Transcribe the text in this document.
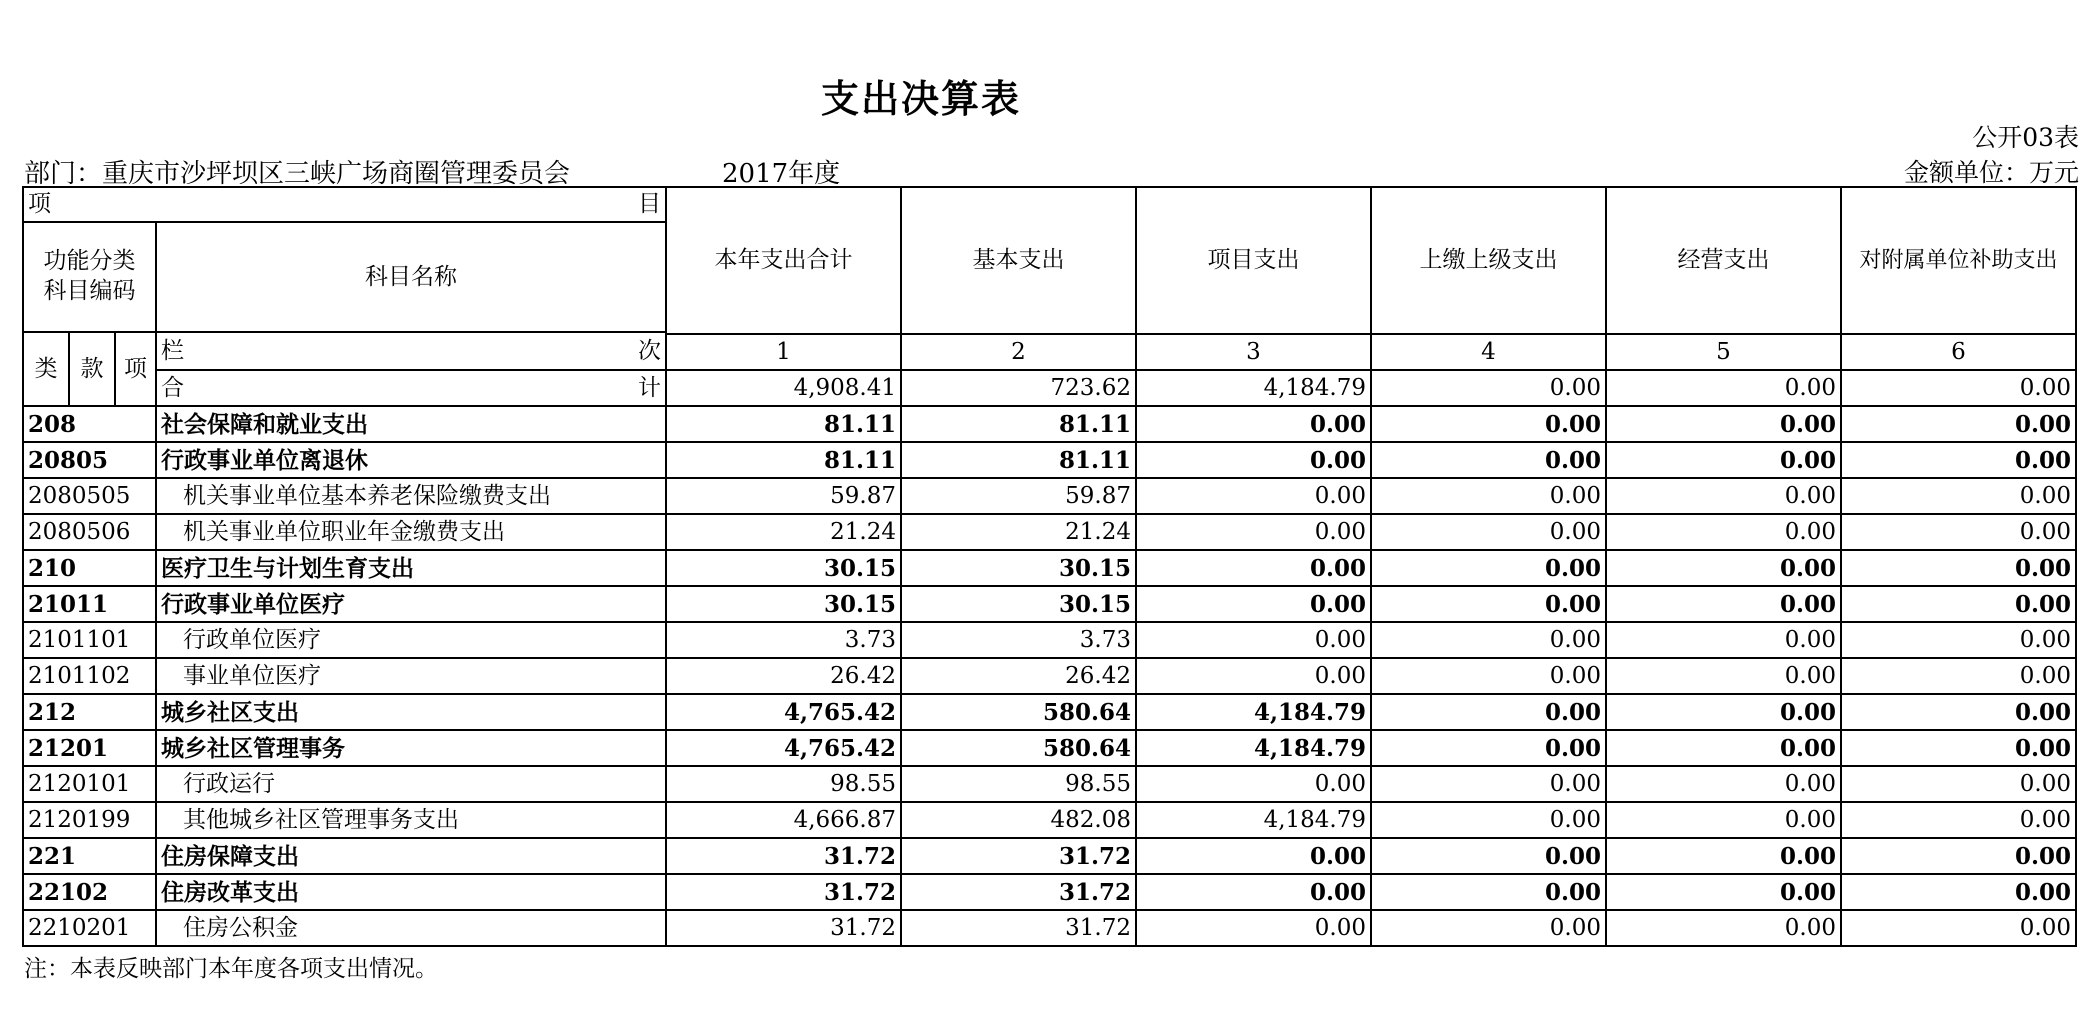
支出决算表
公开03表
部门：重庆市沙坪坝区三峡广场商圈管理委员会	2017年度	金额单位：万元
项 目				本年支出合计	基本支出	项目支出	上缴上级支出	经营支出	对附属单位补助支出
功能分类
科目编码			科目名称						
类	款	项							

			栏 次	1	2	3	4	5	6

			合 计	4,908.41	723.62	4,184.79	0.00	0.00	0.00
208			社会保障和就业支出	81.11	81.11	0.00	0.00	0.00	0.00
20805			行政事业单位离退休	81.11	81.11	0.00	0.00	0.00	0.00
2080505			机关事业单位基本养老保险缴费支出	59.87	59.87	0.00	0.00	0.00	0.00
2080506			机关事业单位职业年金缴费支出	21.24	21.24	0.00	0.00	0.00	0.00
210			医疗卫生与计划生育支出	30.15	30.15	0.00	0.00	0.00	0.00
21011			行政事业单位医疗	30.15	30.15	0.00	0.00	0.00	0.00
2101101			行政单位医疗	3.73	3.73	0.00	0.00	0.00	0.00
2101102			事业单位医疗	26.42	26.42	0.00	0.00	0.00	0.00
212			城乡社区支出	4,765.42	580.64	4,184.79	0.00	0.00	0.00
21201			城乡社区管理事务	4,765.42	580.64	4,184.79	0.00	0.00	0.00
2120101			行政运行	98.55	98.55	0.00	0.00	0.00	0.00
2120199			其他城乡社区管理事务支出	4,666.87	482.08	4,184.79	0.00	0.00	0.00
221			住房保障支出	31.72	31.72	0.00	0.00	0.00	0.00
22102			住房改革支出	31.72	31.72	0.00	0.00	0.00	0.00
2210201			住房公积金	31.72	31.72	0.00	0.00	0.00	0.00
注：本表反映部门本年度各项支出情况。
